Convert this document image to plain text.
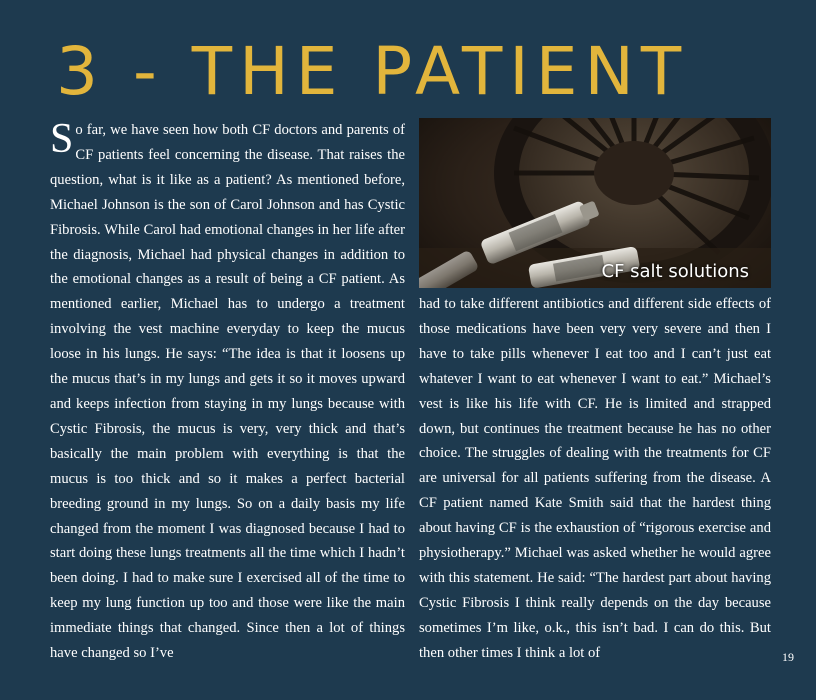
3 - THE PATIENT
So far, we have seen how both CF doctors and parents of CF patients feel concerning the disease. That raises the question, what is it like as a patient? As mentioned before, Michael Johnson is the son of Carol Johnson and has Cystic Fibrosis. While Carol had emotional changes in her life after the diagnosis, Michael had physical changes in addition to the emotional changes as a result of being a CF patient. As mentioned earlier, Michael has to undergo a treatment involving the vest machine everyday to keep the mucus loose in his lungs. He says: “The idea is that it loosens up the mucus that’s in my lungs and gets it so it moves upward and keeps infection from staying in my lungs because with Cystic Fibrosis, the mucus is very, very thick and that’s basically the main problem with everything is that the mucus is too thick and so it makes a perfect bacterial breeding ground in my lungs. So on a daily basis my life changed from the moment I was diagnosed because I had to start doing these lungs treatments all the time which I hadn’t been doing. I had to make sure I exercised all of the time to keep my lung function up too and those were like the main immediate things that changed. Since then a lot of things have changed so I’ve
CF salt solutions
had to take different antibiotics and different side effects of those medications have been very very severe and then I have to take pills whenever I eat too and I can’t just eat whatever I want to eat whenever I want to eat.” Michael’s vest is like his life with CF. He is limited and strapped down, but continues the treatment because he has no other choice. The struggles of dealing with the treatments for CF are universal for all patients suffering from the disease. A CF patient named Kate Smith said that the hardest thing about having CF is the exhaustion of “rigorous exercise and physiotherapy.” Michael was asked whether he would agree with this statement. He said: “The hardest part about having Cystic Fibrosis I think really depends on the day because sometimes I’m like, o.k., this isn’t bad. I can do this. But then other times I think a lot of	19
